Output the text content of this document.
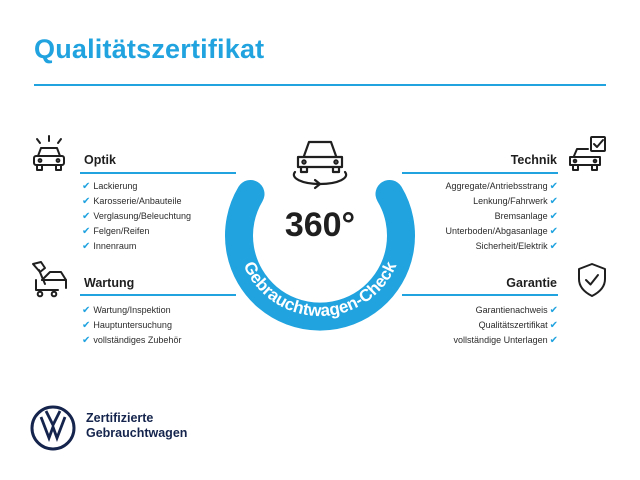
Qualitätszertifikat
Optik
✔ Lackierung
✔ Karosserie/Anbauteile
✔ Verglasung/Beleuchtung
✔ Felgen/Reifen
✔ Innenraum
Wartung
✔ Wartung/Inspektion
✔ Hauptuntersuchung
✔ vollständiges Zubehör
Technik
Aggregate/Antriebsstrang ✔
Lenkung/Fahrwerk ✔
Bremsanlage ✔
Unterboden/Abgasanlage ✔
Sicherheit/Elektrik ✔
Garantie
Garantienachweis ✔
Qualitätszertifikat ✔
vollständige Unterlagen ✔
Gebrauchtwagen-Check
360°
Zertifizierte
Gebrauchtwagen
